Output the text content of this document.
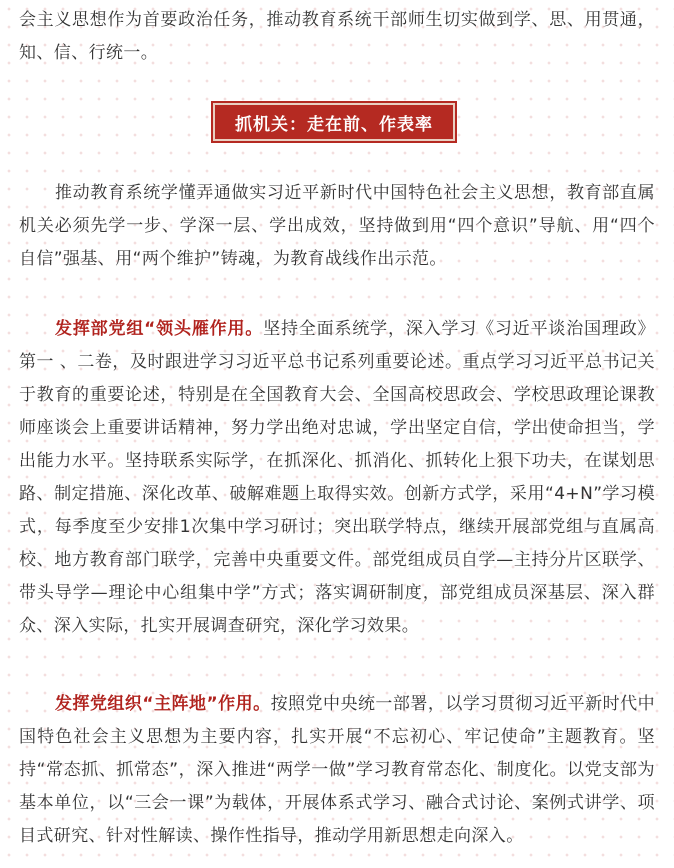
会主义思想作为首要政治任务，推动教育系统干部师生切实做到学、思、用贯通，知、信、行统一。

抓机关：走在前、作表率

推动教育系统学懂弄通做实习近平新时代中国特色社会主义思想，教育部直属机关必须先学一步、学深一层、学出成效，坚持做到用“四个意识”导航、用“四个自信”强基、用“两个维护”铸魂，为教育战线作出示范。

发挥部党组“领头雁作用。坚持全面系统学，深入学习《习近平谈治国理政》第一 、二卷，及时跟进学习习近平总书记系列重要论述。重点学习习近平总书记关于教育的重要论述，特别是在全国教育大会、全国高校思政会、学校思政理论课教师座谈会上重要讲话精神，努力学出绝对忠诚，学出坚定自信，学出使命担当，学出能力水平。坚持联系实际学，在抓深化、抓消化、抓转化上狠下功夫，在谋划思路、制定措施、深化改革、破解难题上取得实效。创新方式学，采用“4+N”学习模式，每季度至少安排1次集中学习研讨；突出联学特点，继续开展部党组与直属高校、地方教育部门联学，完善中央重要文件。部党组成员自学—主持分片区联学、带头导学—理论中心组集中学”方式；落实调研制度，部党组成员深基层、深入群众、深入实际，扎实开展调查研究，深化学习效果。

发挥党组织“主阵地”作用。按照党中央统一部署，以学习贯彻习近平新时代中国特色社会主义思想为主要内容，扎实开展“不忘初心、牢记使命”主题教育。坚持“常态抓、抓常态”，深入推进“两学一做”学习教育常态化、制度化。以党支部为基本单位，以“三会一课”为载体，开展体系式学习、融合式讨论、案例式讲学、项目式研究、针对性解读、操作性指导，推动学用新思想走向深入。
